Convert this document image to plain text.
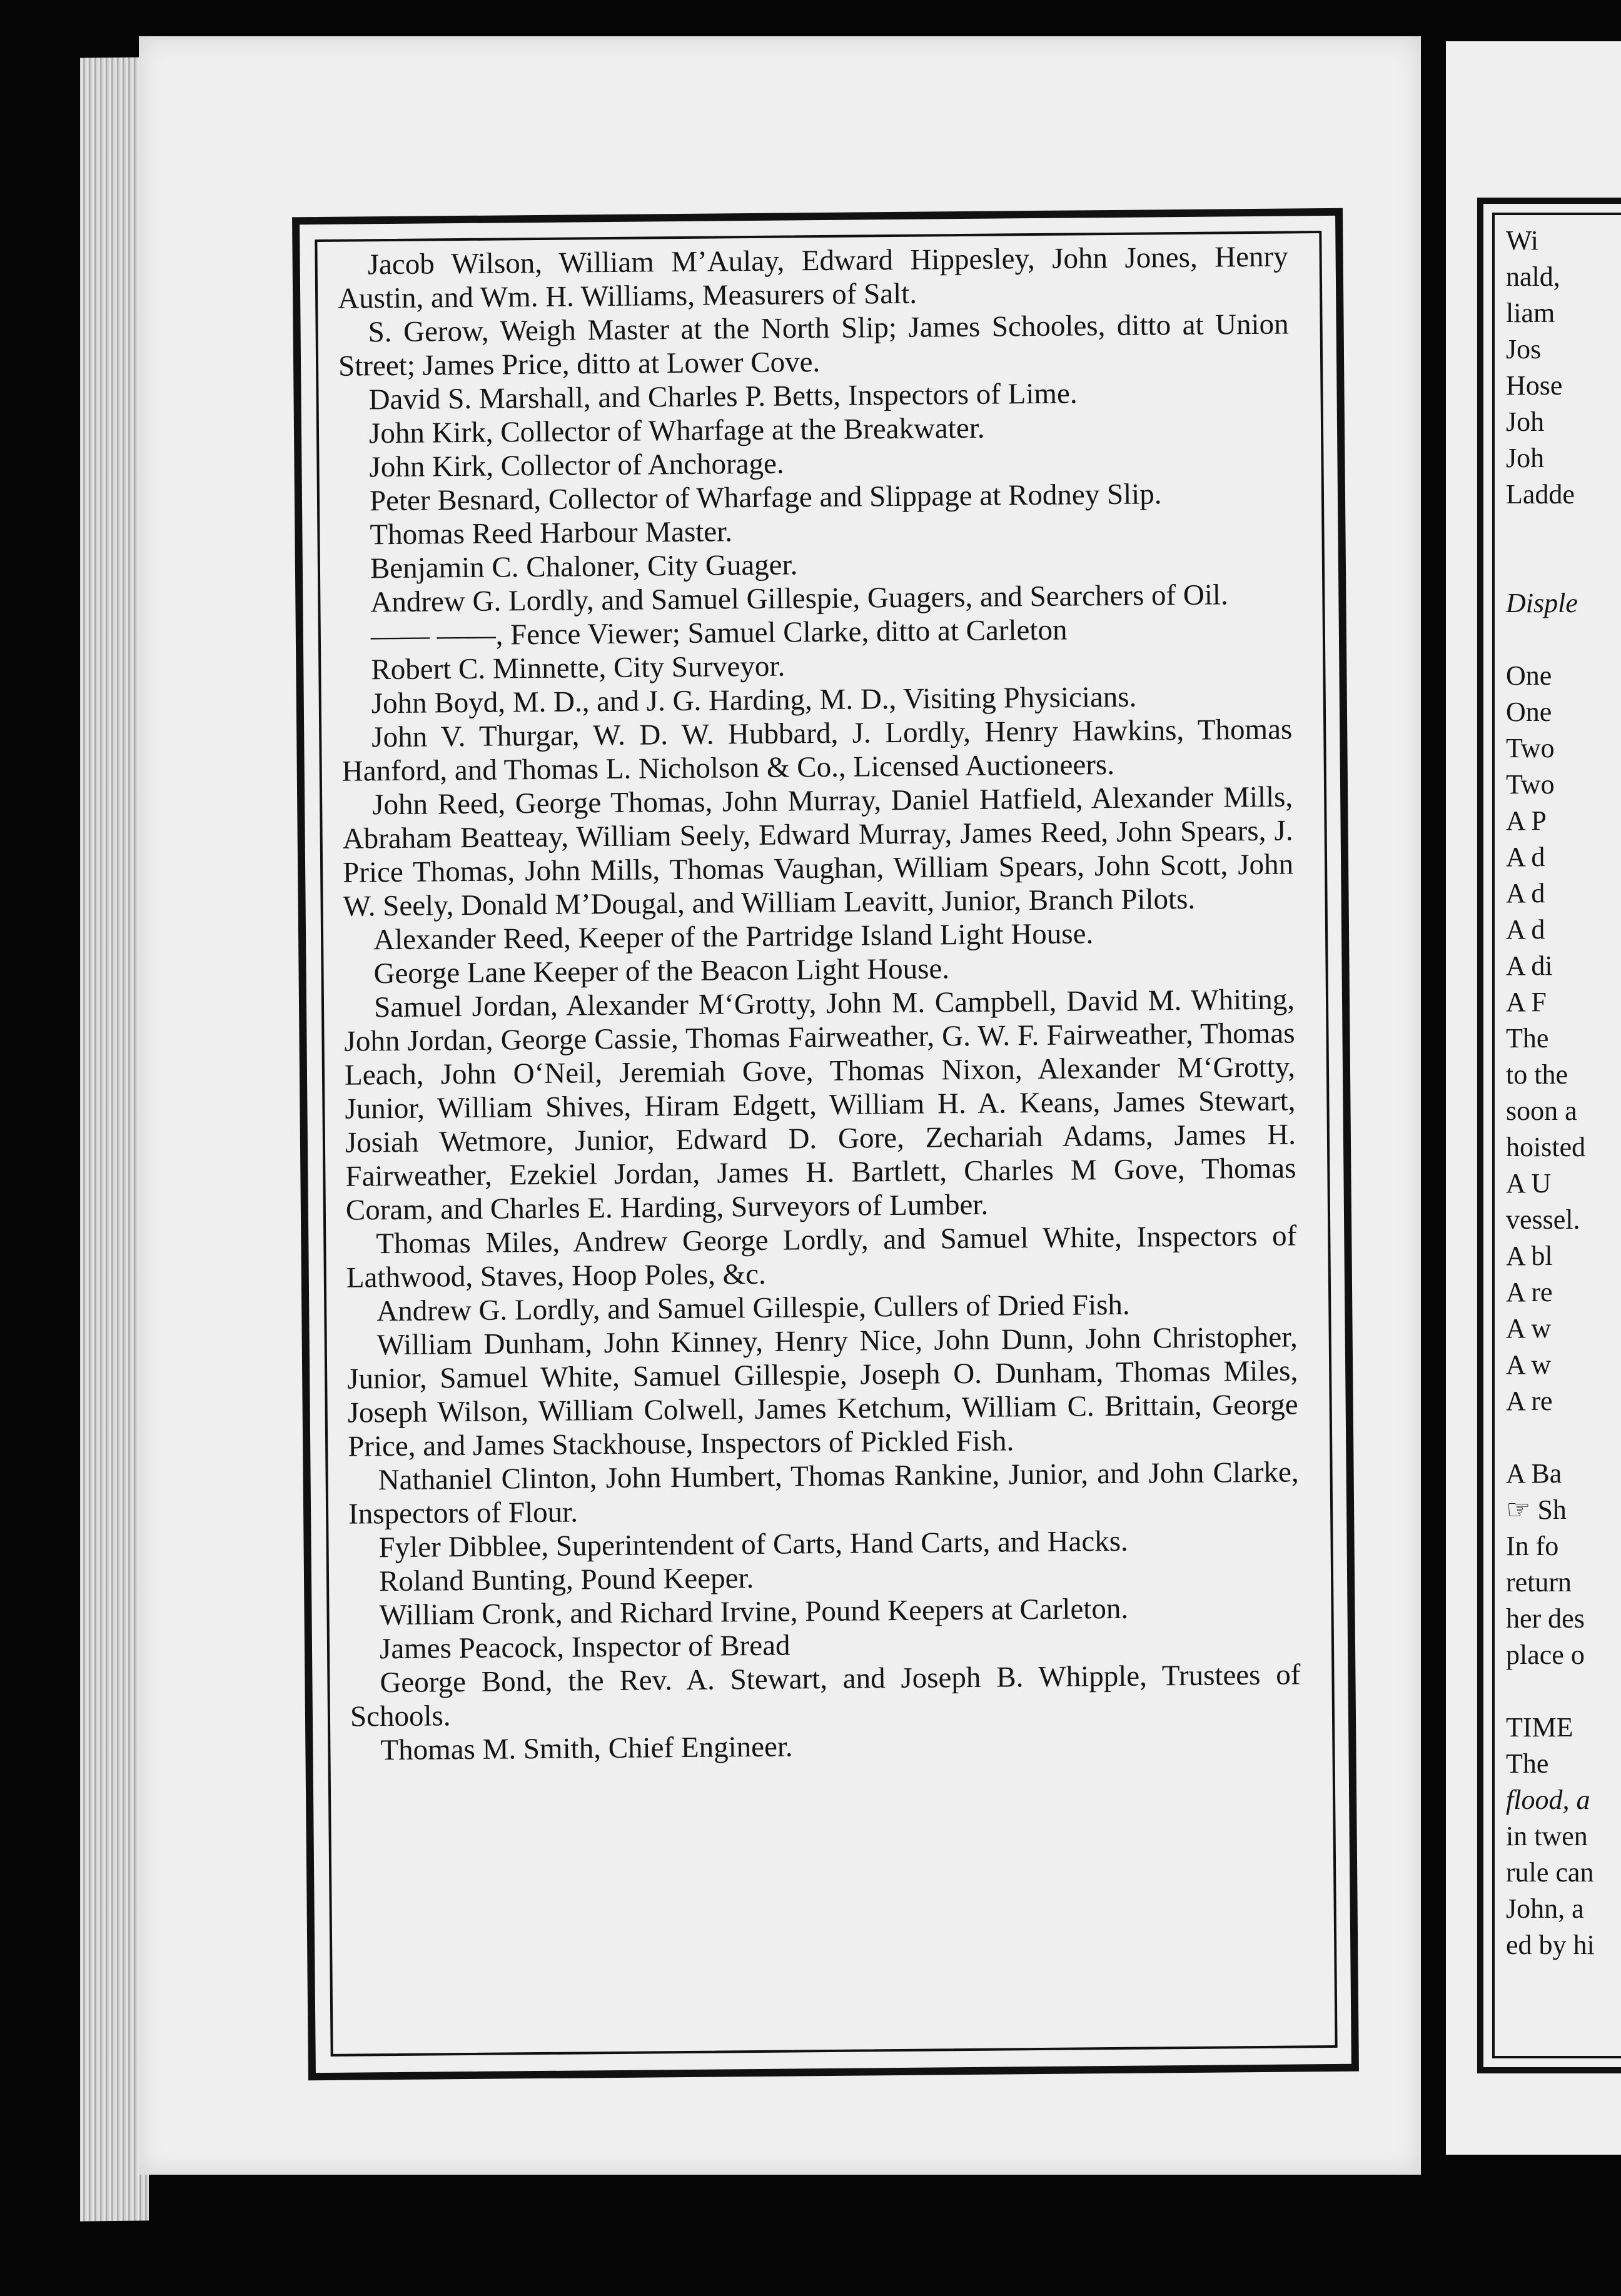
Jacob Wilson, William M’Aulay, Edward Hippesley, John Jones, Henry Austin, and Wm. H. Williams, Measurers of Salt.

S. Gerow, Weigh Master at the North Slip; James Schooles, ditto at Union Street; James Price, ditto at Lower Cove.

David S. Marshall, and Charles P. Betts, Inspectors of Lime.

John Kirk, Collector of Wharfage at the Breakwater.

John Kirk, Collector of Anchorage.

Peter Besnard, Collector of Wharfage and Slippage at Rodney Slip.

Thomas Reed Harbour Master.

Benjamin C. Chaloner, City Guager.

Andrew G. Lordly, and Samuel Gillespie, Guagers, and Searchers of Oil.

—— ——, Fence Viewer; Samuel Clarke, ditto at Carleton

Robert C. Minnette, City Surveyor.

John Boyd, M. D., and J. G. Harding, M. D., Visiting Physicians.

John V. Thurgar, W. D. W. Hubbard, J. Lordly, Henry Hawkins, Thomas Hanford, and Thomas L. Nicholson & Co., Licensed Auctioneers.

John Reed, George Thomas, John Murray, Daniel Hatfield, Alexander Mills, Abraham Beatteay, William Seely, Edward Murray, James Reed, John Spears, J. Price Thomas, John Mills, Thomas Vaughan, William Spears, John Scott, John W. Seely, Donald M’Dougal, and William Leavitt, Junior, Branch Pilots.

Alexander Reed, Keeper of the Partridge Island Light House.

George Lane Keeper of the Beacon Light House.

Samuel Jordan, Alexander M‘Grotty, John M. Campbell, David M. Whiting, John Jordan, George Cassie, Thomas Fairweather, G. W. F. Fairweather, Thomas Leach, John O‘Neil, Jeremiah Gove, Thomas Nixon, Alexander M‘Grotty, Junior, William Shives, Hiram Edgett, William H. A. Keans, James Stewart, Josiah Wetmore, Junior, Edward D. Gore, Zechariah Adams, James H. Fairweather, Ezekiel Jordan, James H. Bartlett, Charles M Gove, Thomas Coram, and Charles E. Harding, Surveyors of Lumber.

Thomas Miles, Andrew George Lordly, and Samuel White, Inspectors of Lathwood, Staves, Hoop Poles, &c.

Andrew G. Lordly, and Samuel Gillespie, Cullers of Dried Fish.

William Dunham, John Kinney, Henry Nice, John Dunn, John Christopher, Junior, Samuel White, Samuel Gillespie, Joseph O. Dunham, Thomas Miles, Joseph Wilson, William Colwell, James Ketchum, William C. Brittain, George Price, and James Stackhouse, Inspectors of Pickled Fish.

Nathaniel Clinton, John Humbert, Thomas Rankine, Junior, and John Clarke, Inspectors of Flour.

Fyler Dibblee, Superintendent of Carts, Hand Carts, and Hacks.

Roland Bunting, Pound Keeper.

William Cronk, and Richard Irvine, Pound Keepers at Carleton.

James Peacock, Inspector of Bread

George Bond, the Rev. A. Stewart, and Joseph B. Whipple, Trustees of Schools.

Thomas M. Smith, Chief Engineer.

Wi
nald,
liam
Jos
Hose
Joh
Joh
Ladde
Disple
One
One
Two
Two
A P
A d
A d
A d
A di
A F
The
to the
soon a
hoisted
A U
vessel.
A bl
A re
A w
A w
A re
A Ba
☞ Sh
In fo
return
her des
place o
TIME
The
flood, a
in twen
rule can
John, a
ed by hi
